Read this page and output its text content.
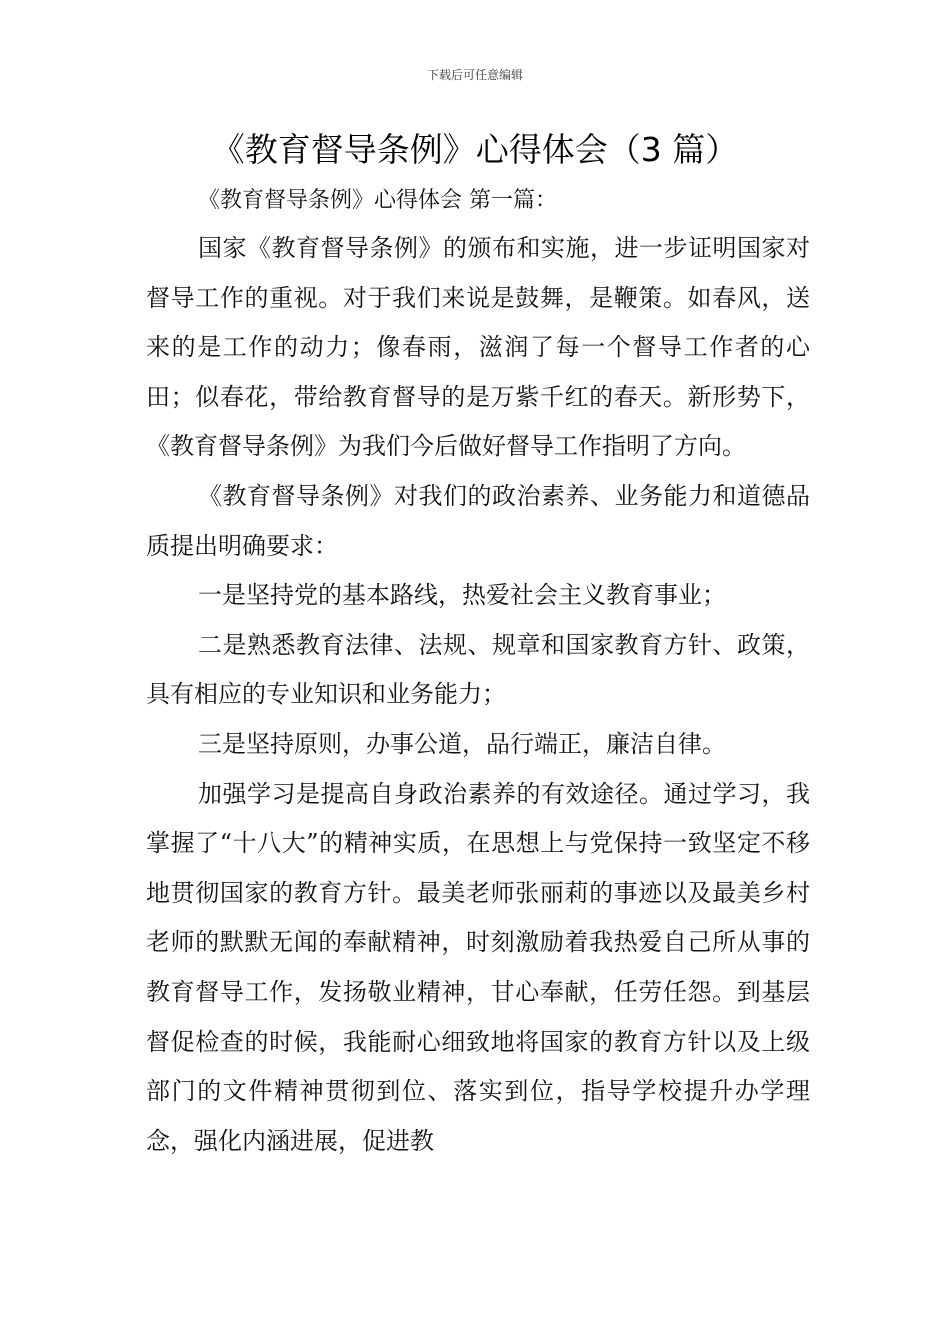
下载后可任意编辑
《教育督导条例》心得体会（3 篇）
《教育督导条例》心得体会 第一篇：

国家《教育督导条例》的颁布和实施，进一步证明国家对督导工作的重视。对于我们来说是鼓舞，是鞭策。如春风，送来的是工作的动力；像春雨，滋润了每一个督导工作者的心田；似春花，带给教育督导的是万紫千红的春天。新形势下，《教育督导条例》为我们今后做好督导工作指明了方向。

《教育督导条例》对我们的政治素养、业务能力和道德品质提出明确要求：

一是坚持党的基本路线，热爱社会主义教育事业；

二是熟悉教育法律、法规、规章和国家教育方针、政策，具有相应的专业知识和业务能力；

三是坚持原则，办事公道，品行端正，廉洁自律。

加强学习是提高自身政治素养的有效途径。通过学习，我掌握了“十八大”的精神实质，在思想上与党保持一致坚定不移地贯彻国家的教育方针。最美老师张丽莉的事迹以及最美乡村老师的默默无闻的奉献精神，时刻激励着我热爱自己所从事的教育督导工作，发扬敬业精神，甘心奉献，任劳任怨。到基层督促检查的时候，我能耐心细致地将国家的教育方针以及上级部门的文件精神贯彻到位、落实到位，指导学校提升办学理念，强化内涵进展，促进教
